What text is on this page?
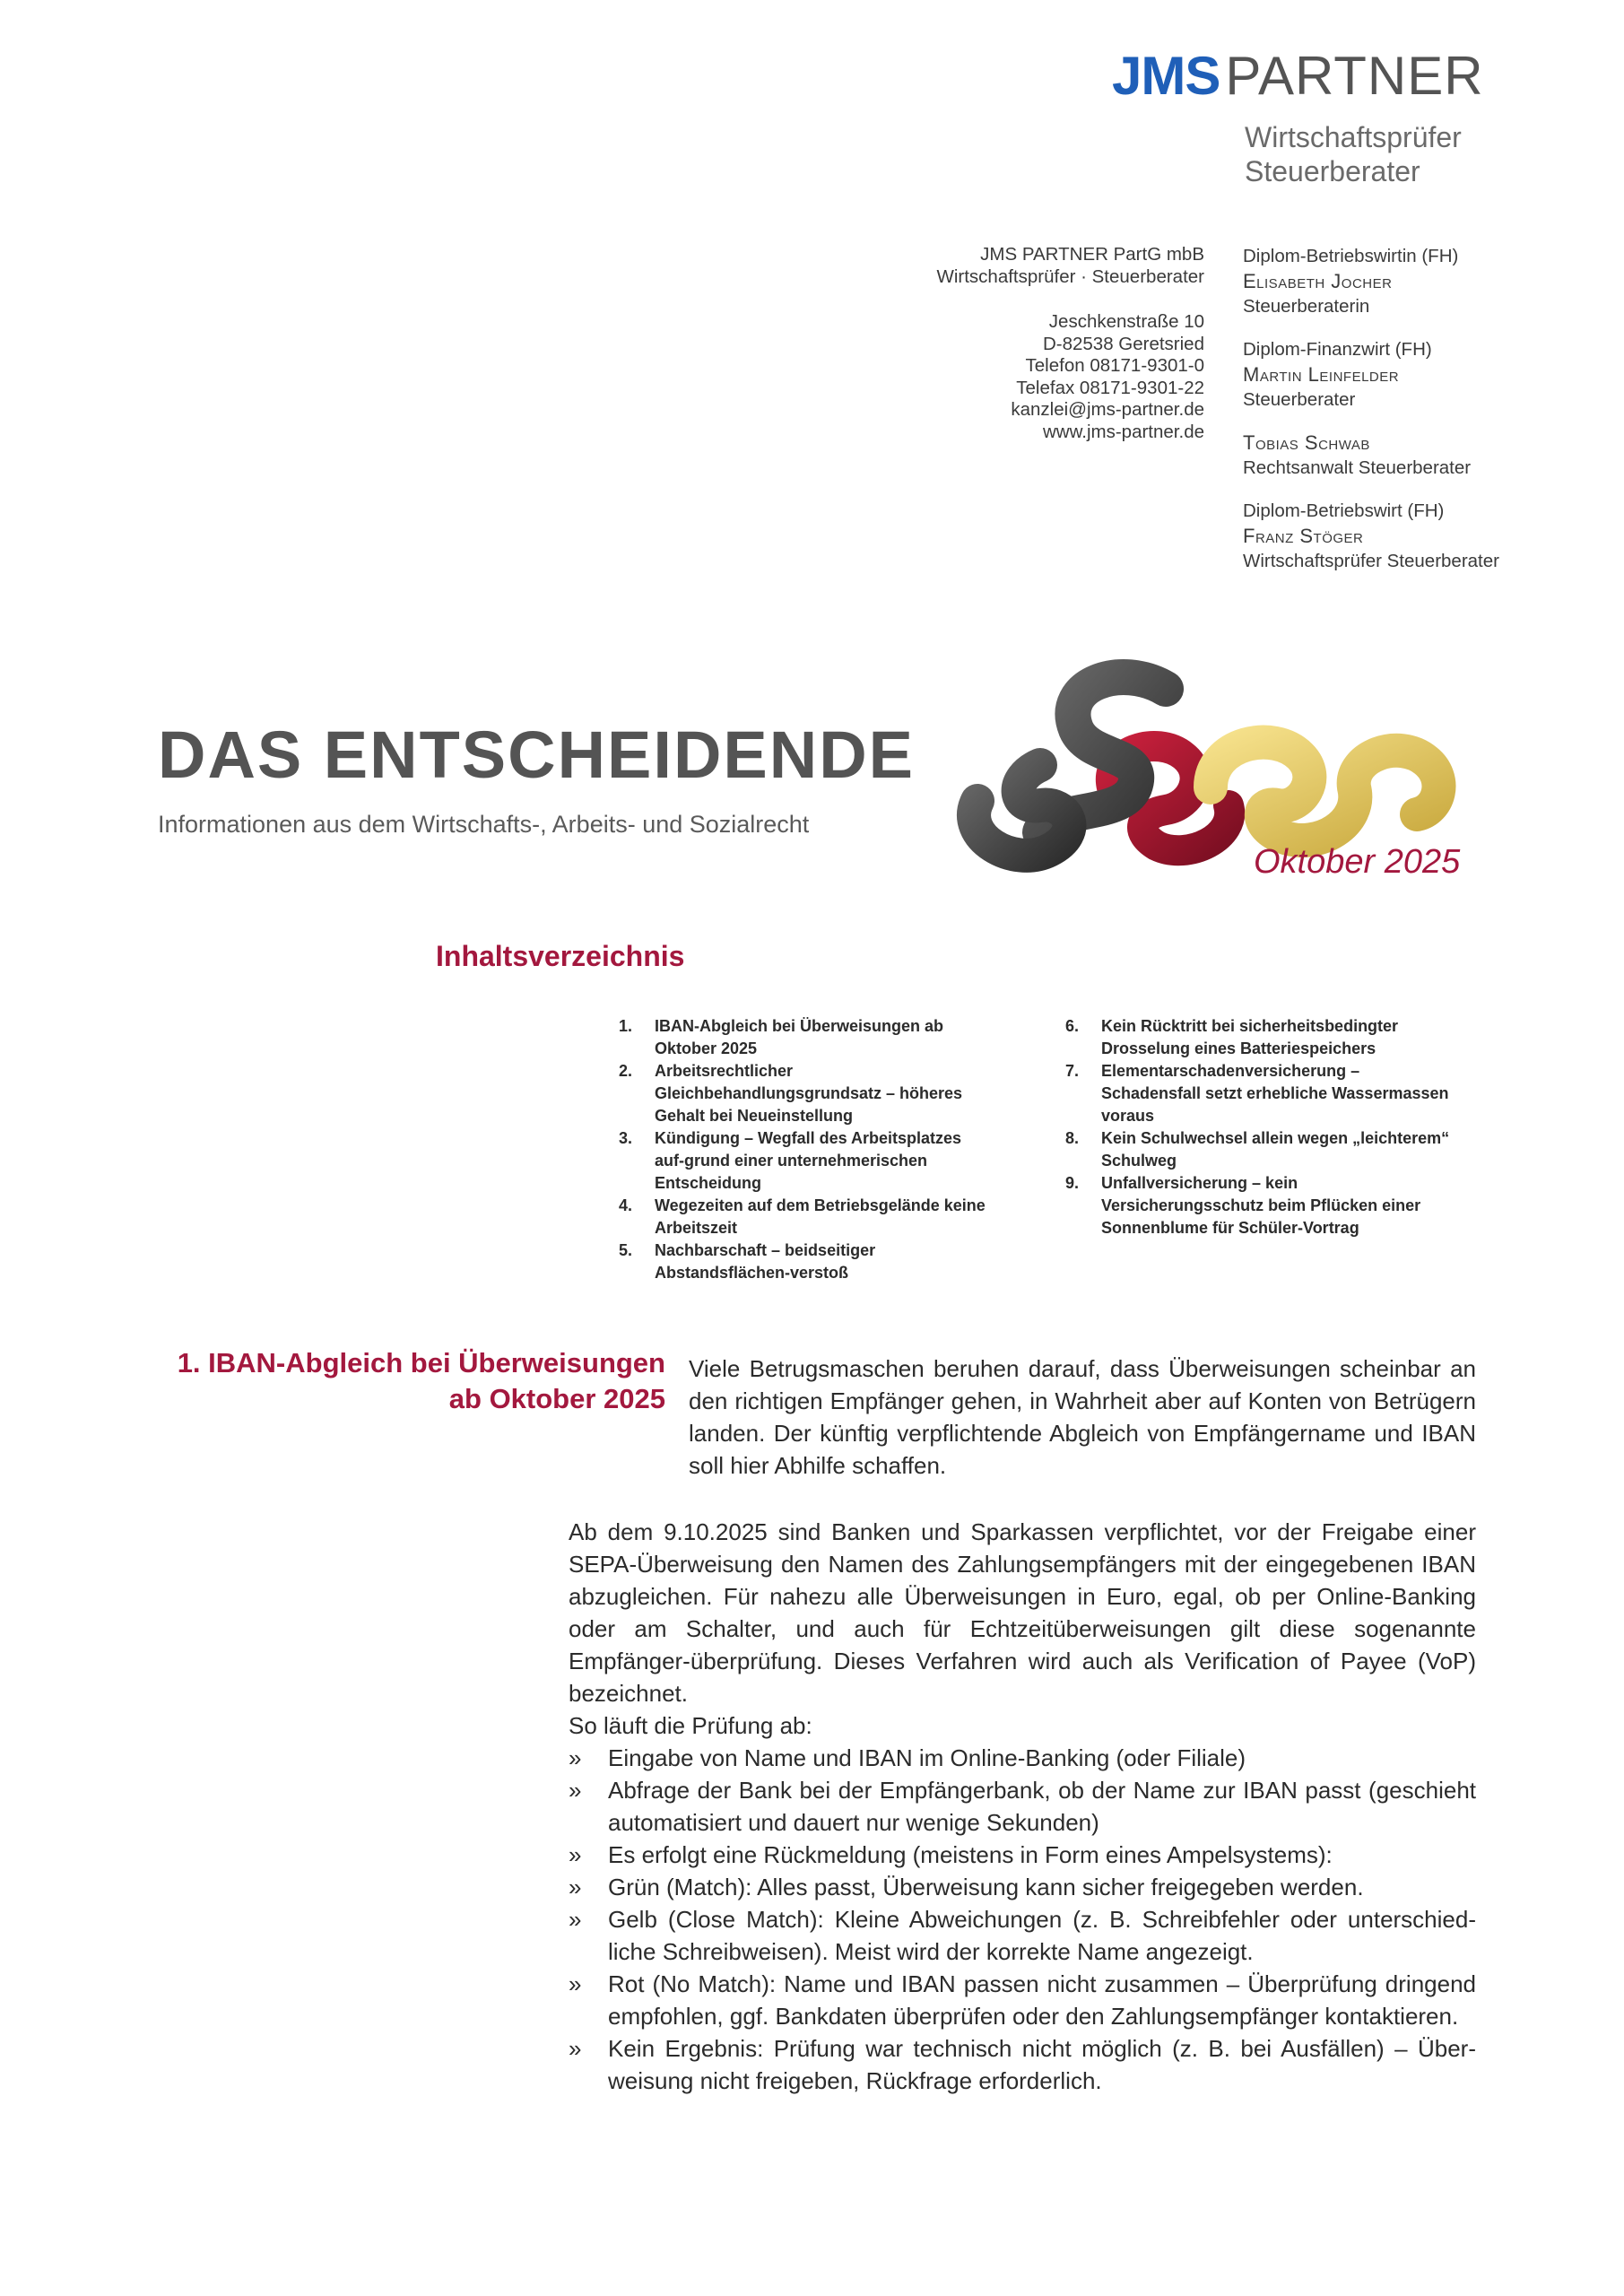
JMS PARTNER
Wirtschaftsprüfer
Steuerberater
JMS PARTNER PartG mbB
Wirtschaftsprüfer · Steuerberater
Jeschkenstraße 10
D-82538 Geretsried
Telefon 08171-9301-0
Telefax 08171-9301-22
kanzlei@jms-partner.de
www.jms-partner.de
Diplom-Betriebswirtin (FH)
Elisabeth Jocher
Steuerberaterin
Diplom-Finanzwirt (FH)
Martin Leinfelder
Steuerberater
Tobias Schwab
Rechtsanwalt Steuerberater
Diplom-Betriebswirt (FH)
Franz Stöger
Wirtschaftsprüfer Steuerberater
DAS ENTSCHEIDENDE
Informationen aus dem Wirtschafts-, Arbeits- und Sozialrecht
Oktober 2025
Inhaltsverzeichnis
1.	IBAN-Abgleich bei Überweisungen ab Oktober 2025
2.	Arbeitsrechtlicher Gleichbehandlungsgrundsatz – höheres Gehalt bei Neueinstellung
3.	Kündigung – Wegfall des Arbeitsplatzes auf-grund einer unternehmerischen Entscheidung
4.	Wegezeiten auf dem Betriebsgelände keine Arbeitszeit
5.	Nachbarschaft – beidseitiger Abstandsflächen-verstoß
6.	Kein Rücktritt bei sicherheitsbedingter Drosselung eines Batteriespeichers
7.	Elementarschadenversicherung – Schadensfall setzt erhebliche Wassermassen voraus
8.	Kein Schulwechsel allein wegen „leichterem“ Schulweg
9.	Unfallversicherung – kein Versicherungsschutz beim Pflücken einer Sonnenblume für Schüler-Vortrag
1. IBAN-Abgleich bei Überweisungen
ab Oktober 2025
Viele Betrugsmaschen beruhen darauf, dass Überweisungen scheinbar an den richtigen Empfänger gehen, in Wahrheit aber auf Konten von Betrügern landen. Der künftig verpflichtende Abgleich von Empfängername und IBAN soll hier Abhilfe schaffen.
Ab dem 9.10.2025 sind Banken und Sparkassen verpflichtet, vor der Freigabe einer SEPA-Überweisung den Namen des Zahlungsempfängers mit der eingegebenen IBAN abzugleichen. Für nahezu alle Überweisungen in Euro, egal, ob per Online-Banking oder am Schalter, und auch für Echtzeitüberweisungen gilt diese sogenannte Empfänger-überprüfung. Dieses Verfahren wird auch als Verification of Payee (VoP) bezeichnet.
So läuft die Prüfung ab:
» Eingabe von Name und IBAN im Online-Banking (oder Filiale)
» Abfrage der Bank bei der Empfängerbank, ob der Name zur IBAN passt (geschieht automatisiert und dauert nur wenige Sekunden)
» Es erfolgt eine Rückmeldung (meistens in Form eines Ampelsystems):
» Grün (Match): Alles passt, Überweisung kann sicher freigegeben werden.
» Gelb (Close Match): Kleine Abweichungen (z. B. Schreibfehler oder unterschied-liche Schreibweisen). Meist wird der korrekte Name angezeigt.
» Rot (No Match): Name und IBAN passen nicht zusammen – Überprüfung dringend empfohlen, ggf. Bankdaten überprüfen oder den Zahlungsempfänger kontaktieren.
» Kein Ergebnis: Prüfung war technisch nicht möglich (z. B. bei Ausfällen) – Über-weisung nicht freigeben, Rückfrage erforderlich.
